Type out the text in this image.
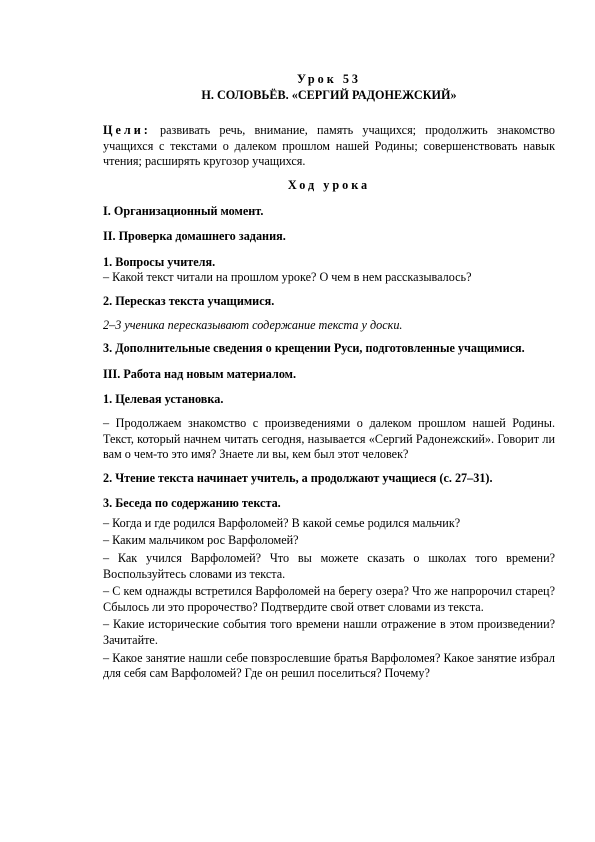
Урок 53

Н. СОЛОВЬЁВ. «СЕРГИЙ РАДОНЕЖСКИЙ»

Цели: развивать речь, внимание, память учащихся; продолжить знакомство учащихся с текстами о далеком прошлом нашей Родины; совершенствовать навык чтения; расширять кругозор учащихся.

Ход урока

I. Организационный момент.

II. Проверка домашнего задания.

1. Вопросы учителя.

– Какой текст читали на прошлом уроке? О чем в нем рассказывалось?

2. Пересказ текста учащимися.

2–3 ученика пересказывают содержание текста у доски.

3. Дополнительные сведения о крещении Руси, подготовленные учащимися.

III. Работа над новым материалом.

1. Целевая установка.

– Продолжаем знакомство с произведениями о далеком прошлом нашей Родины. Текст, который начнем читать сегодня, называется «Сергий Радонежский». Говорит ли вам о чем-то это имя? Знаете ли вы, кем был этот человек?

2. Чтение текста начинает учитель, а продолжают учащиеся (с. 27–31).

3. Беседа по содержанию текста.

– Когда и где родился Варфоломей? В какой семье родился мальчик?

– Каким мальчиком рос Варфоломей?

– Как учился Варфоломей? Что вы можете сказать о школах того времени? Воспользуйтесь словами из текста.

– С кем однажды встретился Варфоломей на берегу озера? Что же напророчил старец? Сбылось ли это пророчество? Подтвердите свой ответ словами из текста.

– Какие исторические события того времени нашли отражение в этом произведении? Зачитайте.

– Какое занятие нашли себе повзрослевшие братья Варфоломея? Какое занятие избрал для себя сам Варфоломей? Где он решил поселиться? Почему?
